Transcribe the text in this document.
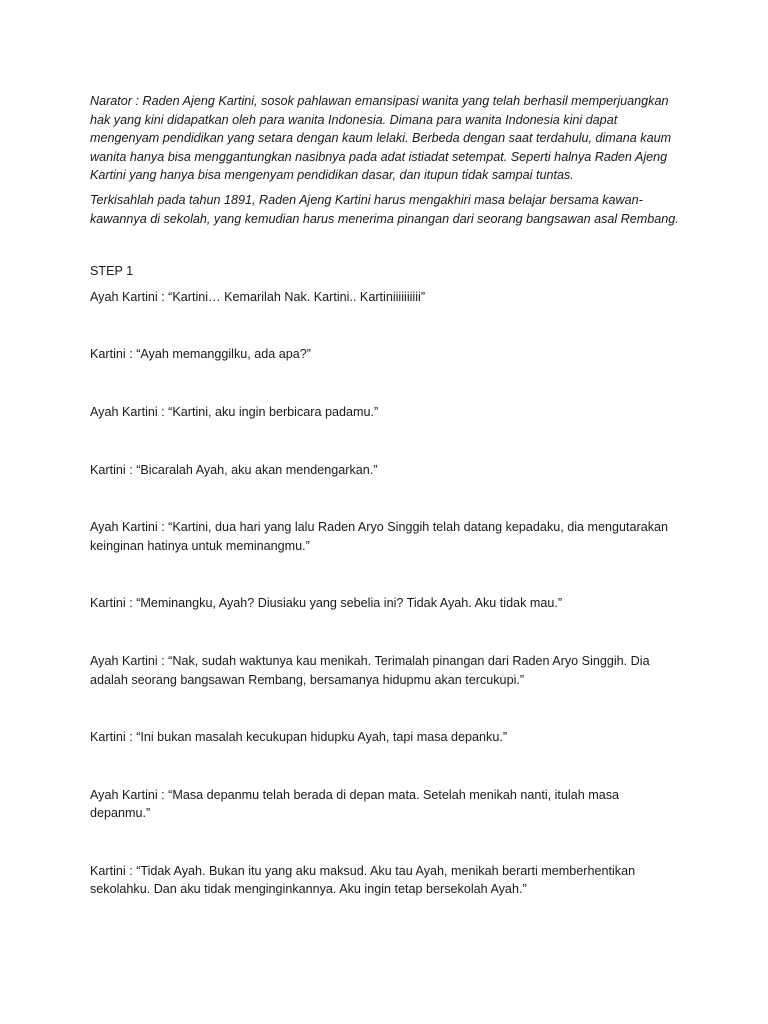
Narator : Raden Ajeng Kartini, sosok pahlawan emansipasi wanita yang telah berhasil memperjuangkan
hak yang kini didapatkan oleh para wanita Indonesia. Dimana para wanita Indonesia kini dapat
mengenyam pendidikan yang setara dengan kaum lelaki. Berbeda dengan saat terdahulu, dimana kaum
wanita hanya bisa menggantungkan nasibnya pada adat istiadat setempat. Seperti halnya Raden Ajeng
Kartini yang hanya bisa mengenyam pendidikan dasar, dan itupun tidak sampai tuntas.

Terkisahlah pada tahun 1891, Raden Ajeng Kartini harus mengakhiri masa belajar bersama kawan-
kawannya di sekolah, yang kemudian harus menerima pinangan dari seorang bangsawan asal Rembang.

STEP 1

Ayah Kartini : “Kartini… Kemarilah Nak. Kartini.. Kartiniiiiiiiiii”

Kartini : “Ayah memanggilku, ada apa?”

Ayah Kartini : “Kartini, aku ingin berbicara padamu.”

Kartini : “Bicaralah Ayah, aku akan mendengarkan.”

Ayah Kartini : “Kartini, dua hari yang lalu Raden Aryo Singgih telah datang kepadaku, dia mengutarakan
keinginan hatinya untuk meminangmu.”

Kartini : “Meminangku, Ayah? Diusiaku yang sebelia ini? Tidak Ayah. Aku tidak mau.”

Ayah Kartini : “Nak, sudah waktunya kau menikah. Terimalah pinangan dari Raden Aryo Singgih. Dia
adalah seorang bangsawan Rembang, bersamanya hidupmu akan tercukupi.”

Kartini : “Ini bukan masalah kecukupan hidupku Ayah, tapi masa depanku.”

Ayah Kartini : “Masa depanmu telah berada di depan mata. Setelah menikah nanti, itulah masa
depanmu.”

Kartini : “Tidak Ayah. Bukan itu yang aku maksud. Aku tau Ayah, menikah berarti memberhentikan
sekolahku. Dan aku tidak menginginkannya. Aku ingin tetap bersekolah Ayah.”
